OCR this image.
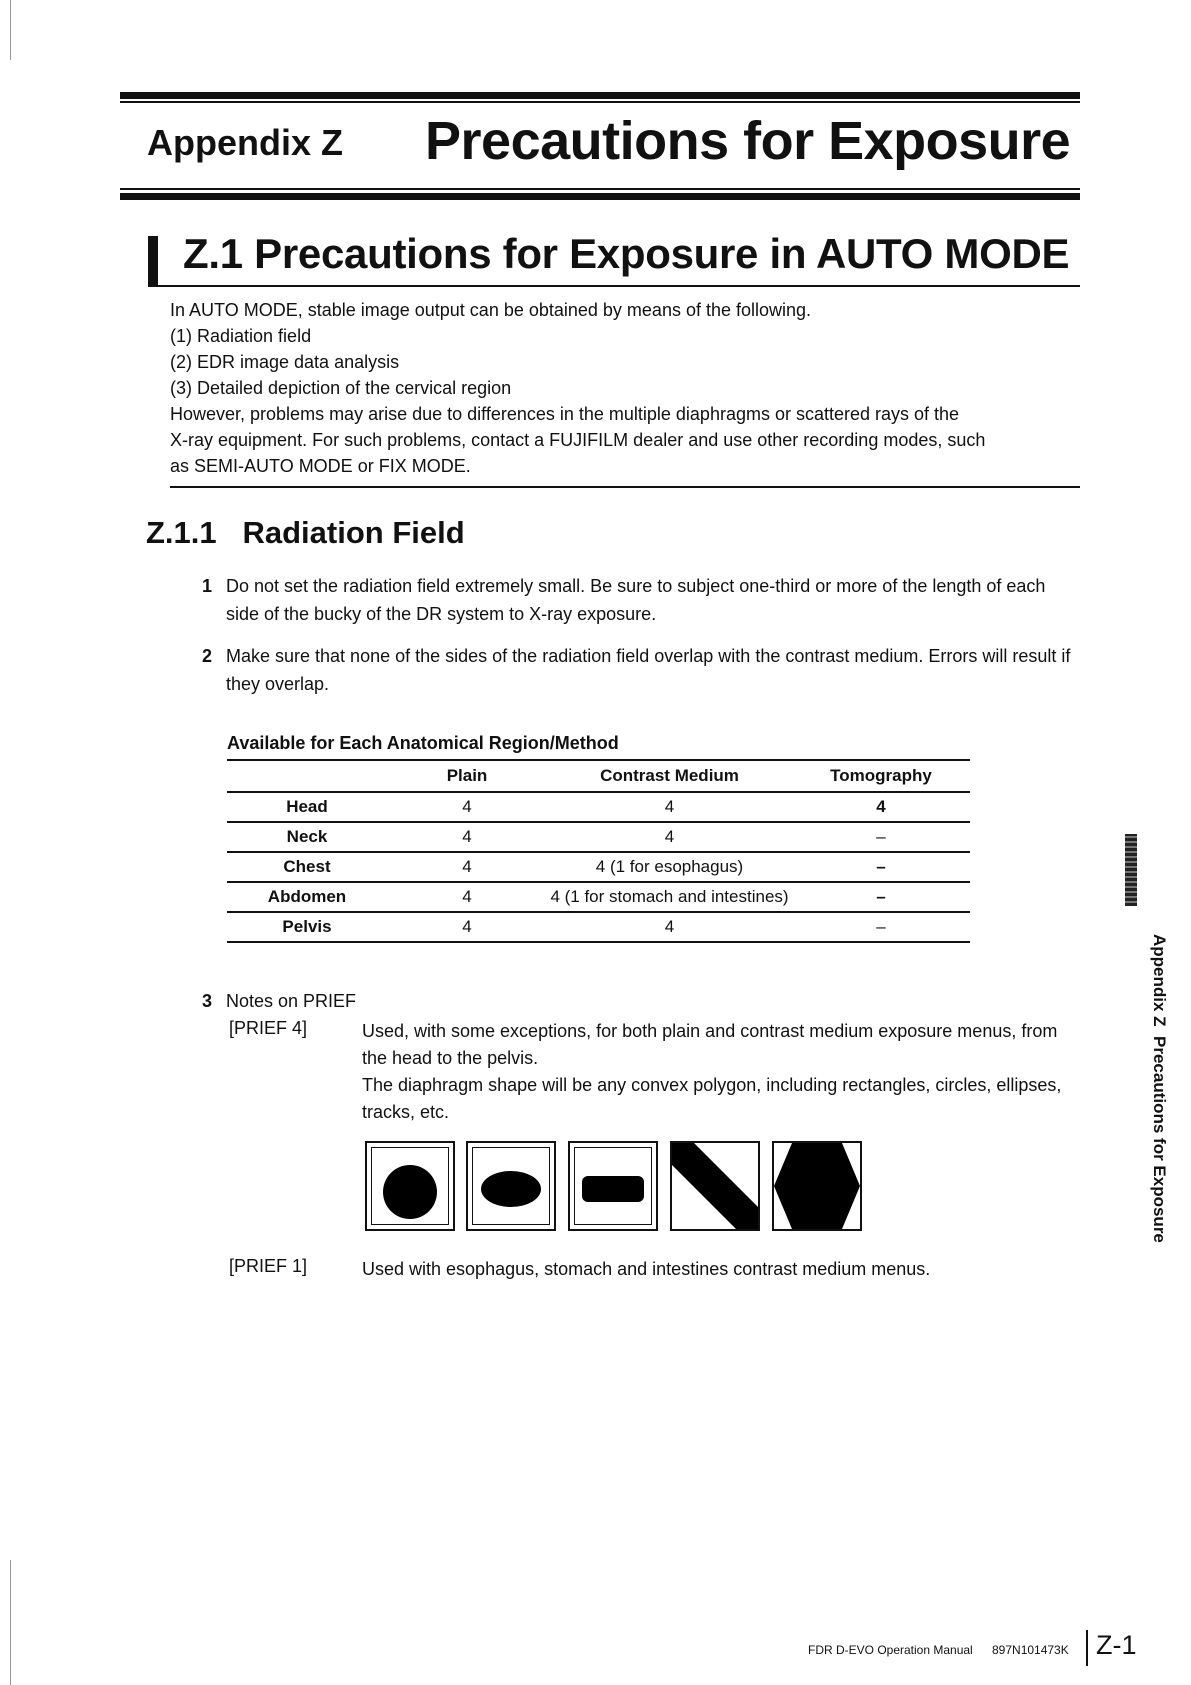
Appendix Z Precautions for Exposure
Z.1 Precautions for Exposure in AUTO MODE
In AUTO MODE, stable image output can be obtained by means of the following.
(1) Radiation field
(2) EDR image data analysis
(3) Detailed depiction of the cervical region
However, problems may arise due to differences in the multiple diaphragms or scattered rays of the
X-ray equipment. For such problems, contact a FUJIFILM dealer and use other recording modes, such
as SEMI-AUTO MODE or FIX MODE.
Z.1.1   Radiation Field
1 Do not set the radiation field extremely small. Be sure to subject one-third or more of the length of each side of the bucky of the DR system to X-ray exposure.
2 Make sure that none of the sides of the radiation field overlap with the contrast medium. Errors will result if they overlap.
Available for Each Anatomical Region/Method
	Plain	Contrast Medium	Tomography
Head	4	4	4
Neck	4	4	–
Chest	4	4 (1 for esophagus)	–
Abdomen	4	4 (1 for stomach and intestines)	–
Pelvis	4	4	–
3 Notes on PRIEF
[PRIEF 4]	Used, with some exceptions, for both plain and contrast medium exposure menus, from the head to the pelvis.
The diaphragm shape will be any convex polygon, including rectangles, circles, ellipses, tracks, etc.
[PRIEF 1]	Used with esophagus, stomach and intestines contrast medium menus.
Appendix Z  Precautions for Exposure
FDR D-EVO Operation Manual 897N101473K Z-1
